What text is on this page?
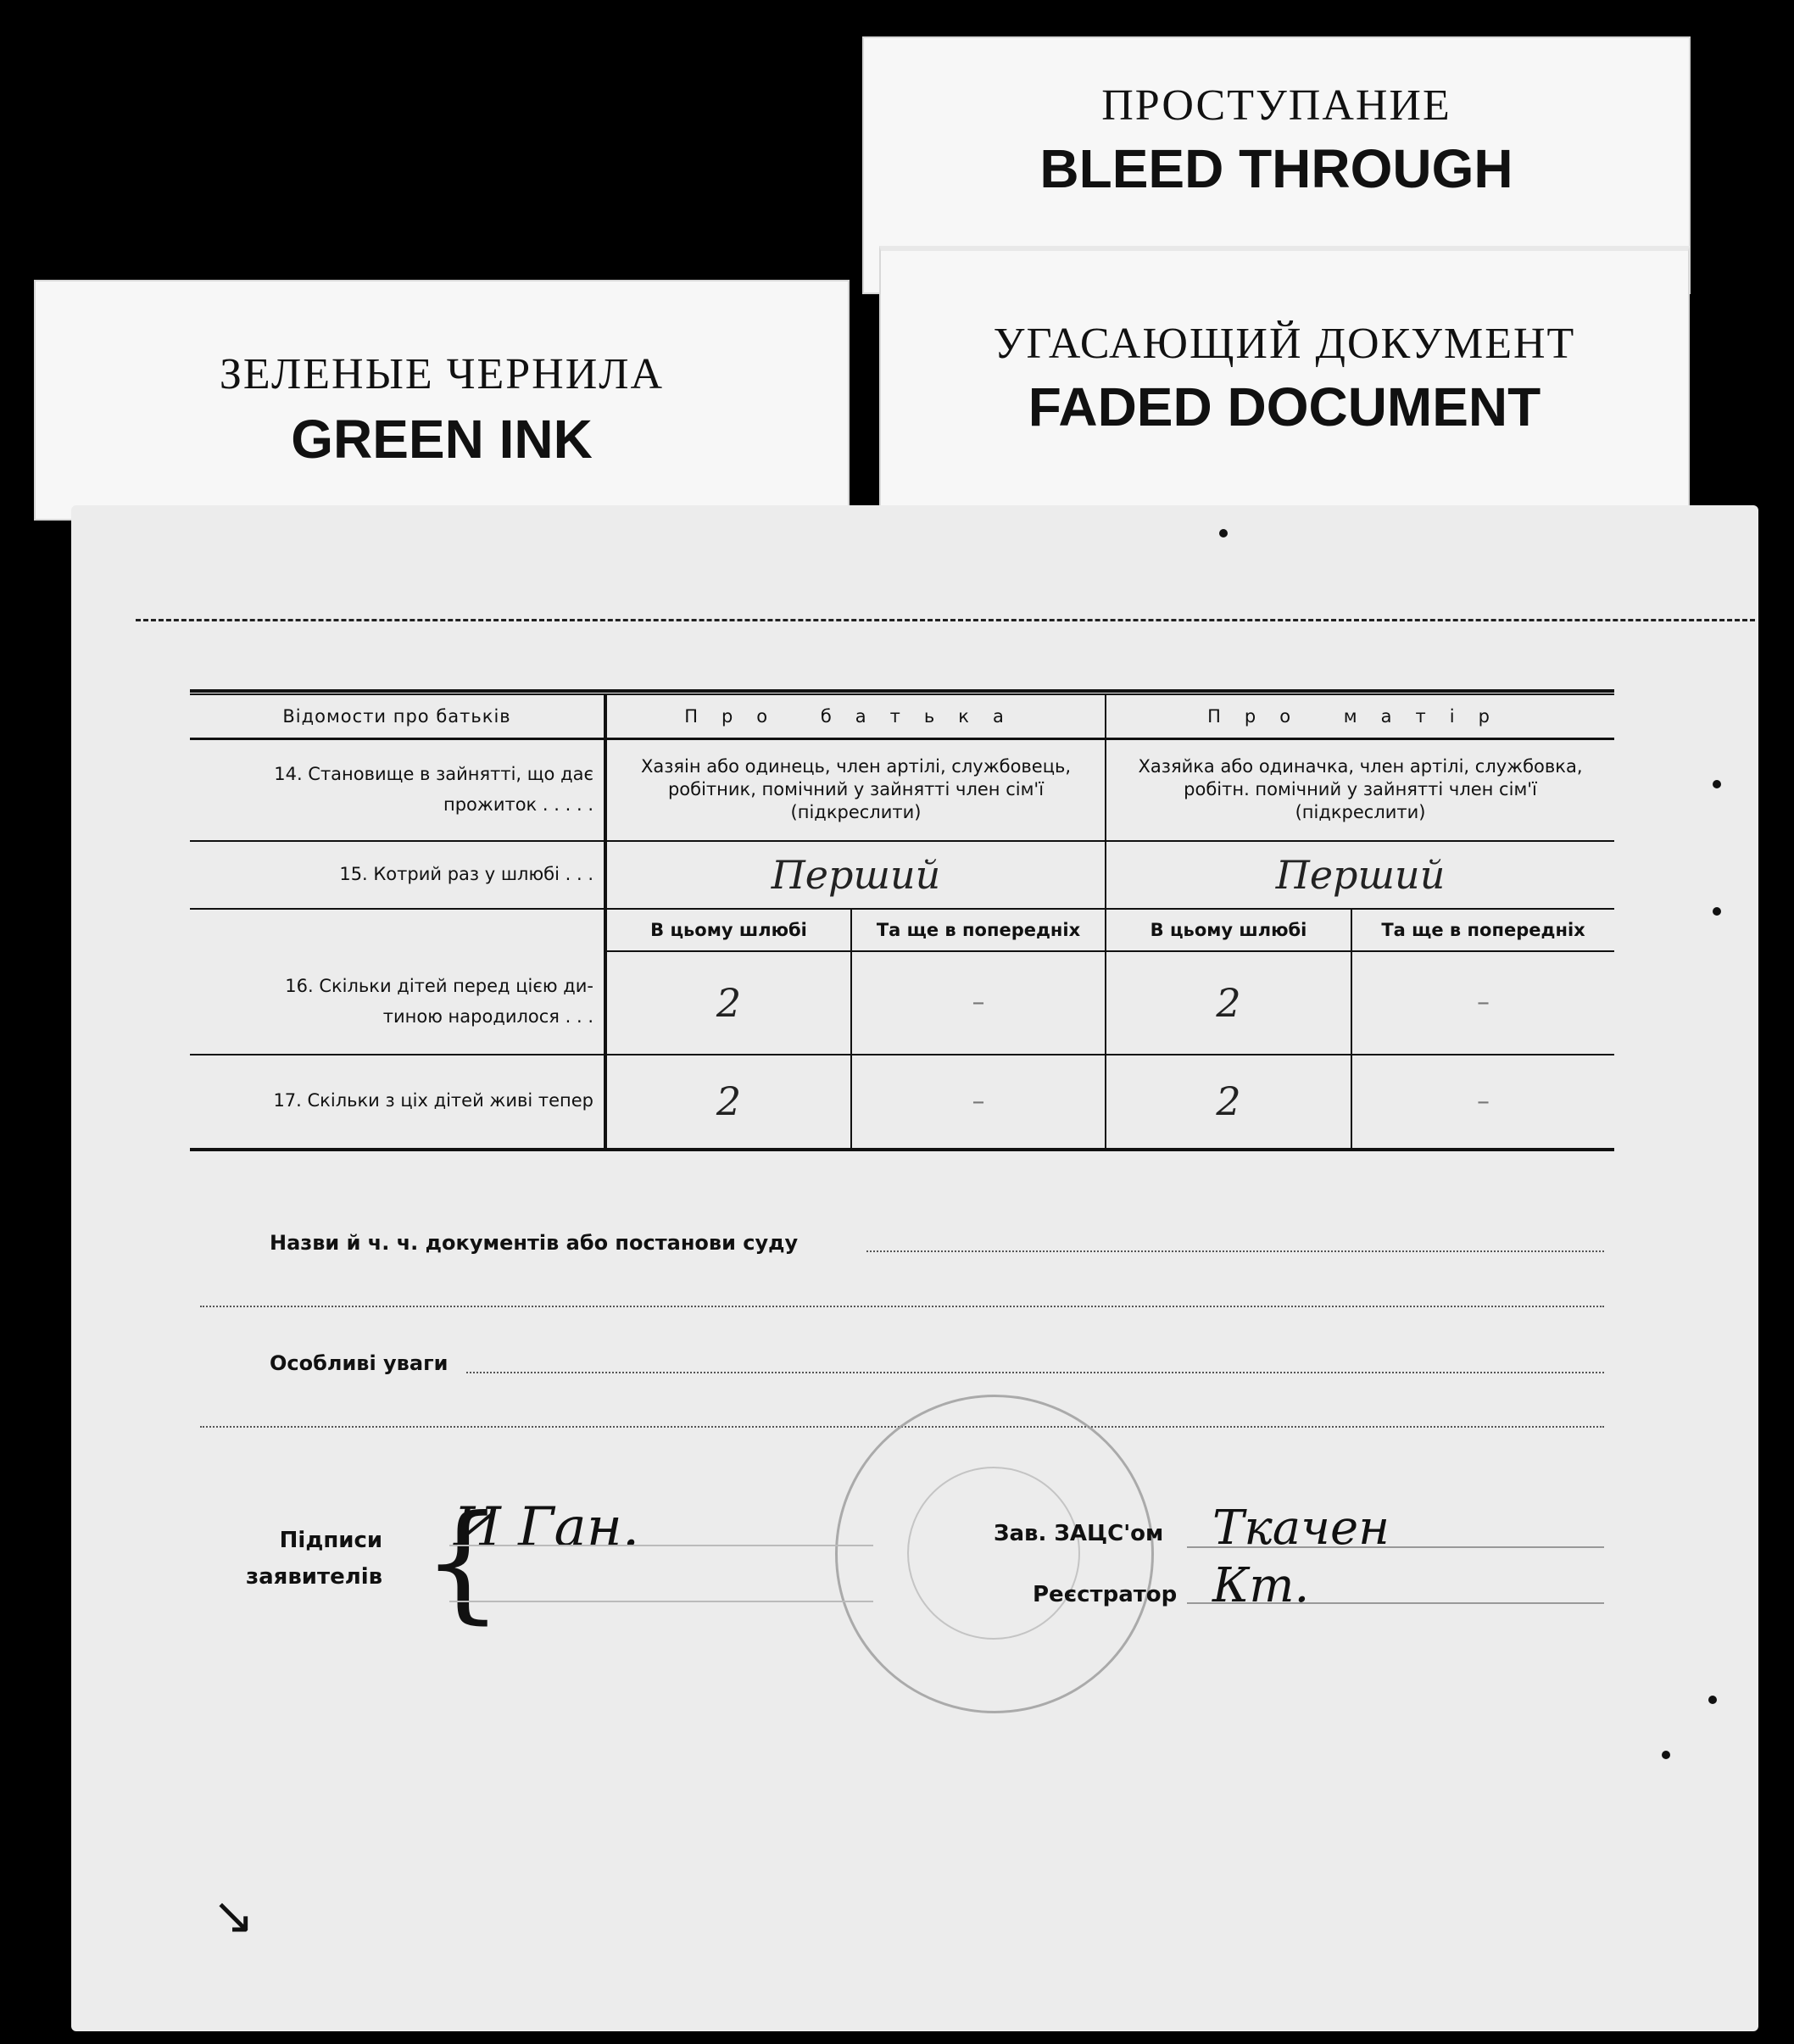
ПРОСТУПАНИЕ
BLEED THROUGH
ЗЕЛЕНЫЕ ЧЕРНИЛА
GREEN INK
УГАСАЮЩИЙ ДОКУМЕНТ
FADED DOCUMENT
Відомости про батьків	Про батька		Про матір	

14. Становище в зайнятті, що дає
прожиток . . . . .	Хазяін або одинець, член артілі, службовець, робітник, помічний у зайнятті член сім'ї (підкреслити)		Хазяйка або одиначка, член артілі, службовка, робітн. помічний у зайнятті член сім'ї (підкреслити)	
15. Котрий раз у шлюбі . . .	Перший		Перший	
	В цьому шлюбі	Та ще в попередніх	В цьому шлюбі	Та ще в попередніх

16. Скільки дітей перед цією ди-
тиною народилося . . .	2	–	2	–
17. Скільки з ціх дітей живі тепер	2	–	2	–
Назви й ч. ч. документів або постанови суду
Особливі уваги
Підписи
заявителів {
И Ган.	Зав. ЗАЦС'ом Ткачен
Реєстратор Кт.
↘
